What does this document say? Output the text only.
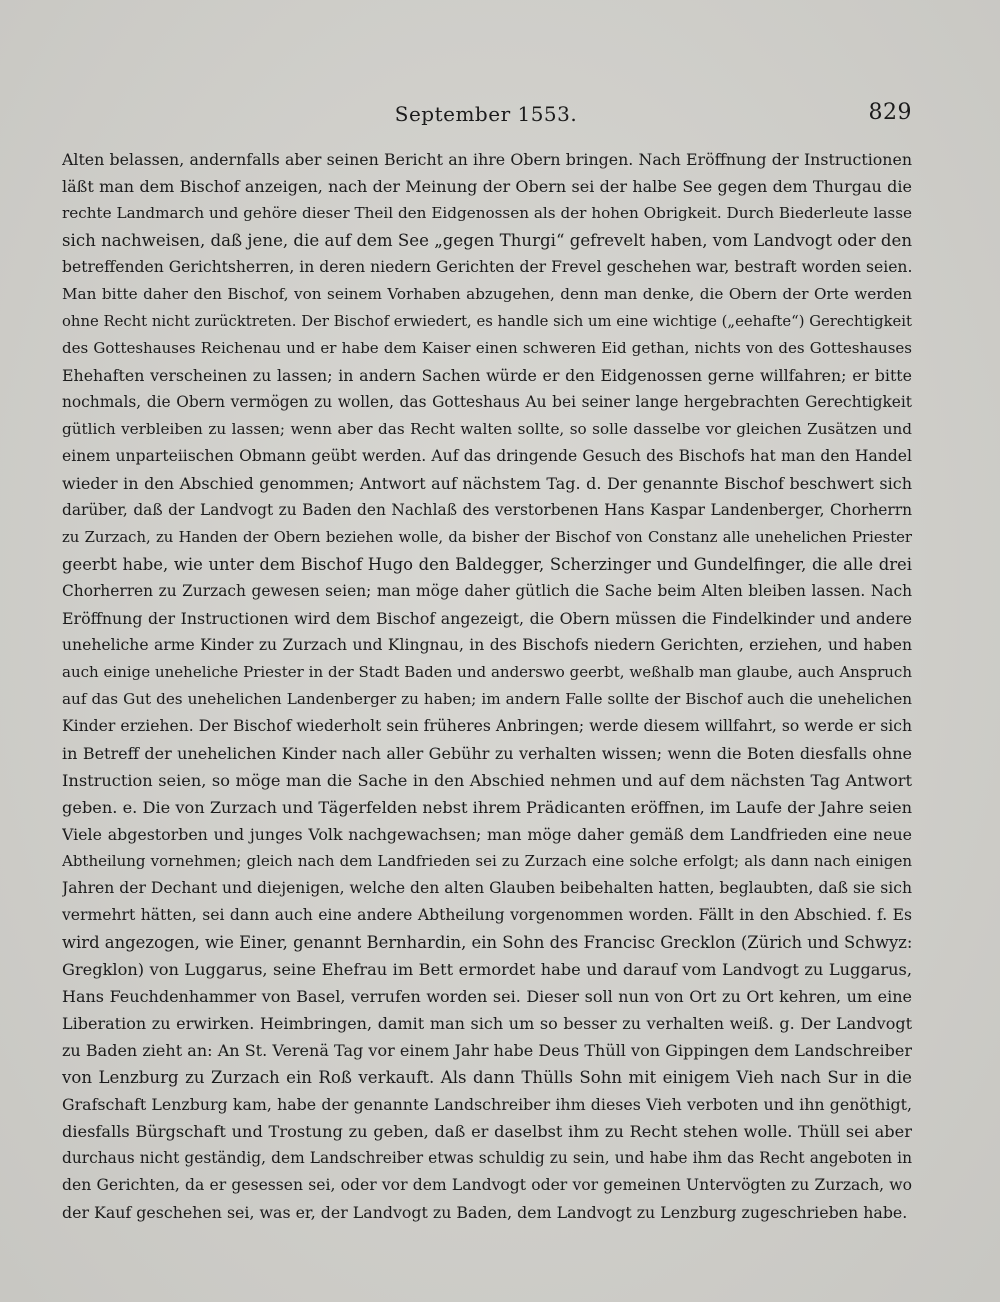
September 1553.	829
Alten belassen, andernfalls aber seinen Bericht an ihre Obern bringen. Nach Eröffnung der Instructionen
läßt man dem Bischof anzeigen, nach der Meinung der Obern sei der halbe See gegen dem Thurgau die
rechte Landmarch und gehöre dieser Theil den Eidgenossen als der hohen Obrigkeit. Durch Biederleute lasse
sich nachweisen, daß jene, die auf dem See „gegen Thurgi“ gefrevelt haben, vom Landvogt oder den
betreffenden Gerichtsherren, in deren niedern Gerichten der Frevel geschehen war, bestraft worden seien.
Man bitte daher den Bischof, von seinem Vorhaben abzugehen, denn man denke, die Obern der Orte werden
ohne Recht nicht zurücktreten. Der Bischof erwiedert, es handle sich um eine wichtige („eehafte“) Gerechtigkeit
des Gotteshauses Reichenau und er habe dem Kaiser einen schweren Eid gethan, nichts von des Gotteshauses
Ehehaften verscheinen zu lassen; in andern Sachen würde er den Eidgenossen gerne willfahren; er bitte
nochmals, die Obern vermögen zu wollen, das Gotteshaus Au bei seiner lange hergebrachten Gerechtigkeit
gütlich verbleiben zu lassen; wenn aber das Recht walten sollte, so solle dasselbe vor gleichen Zusätzen und
einem unparteiischen Obmann geübt werden. Auf das dringende Gesuch des Bischofs hat man den Handel
wieder in den Abschied genommen; Antwort auf nächstem Tag. d. Der genannte Bischof beschwert sich
darüber, daß der Landvogt zu Baden den Nachlaß des verstorbenen Hans Kaspar Landenberger, Chorherrn
zu Zurzach, zu Handen der Obern beziehen wolle, da bisher der Bischof von Constanz alle unehelichen Priester
geerbt habe, wie unter dem Bischof Hugo den Baldegger, Scherzinger und Gundelfinger, die alle drei
Chorherren zu Zurzach gewesen seien; man möge daher gütlich die Sache beim Alten bleiben lassen. Nach
Eröffnung der Instructionen wird dem Bischof angezeigt, die Obern müssen die Findelkinder und andere
uneheliche arme Kinder zu Zurzach und Klingnau, in des Bischofs niedern Gerichten, erziehen, und haben
auch einige uneheliche Priester in der Stadt Baden und anderswo geerbt, weßhalb man glaube, auch Anspruch
auf das Gut des unehelichen Landenberger zu haben; im andern Falle sollte der Bischof auch die unehelichen
Kinder erziehen. Der Bischof wiederholt sein früheres Anbringen; werde diesem willfahrt, so werde er sich
in Betreff der unehelichen Kinder nach aller Gebühr zu verhalten wissen; wenn die Boten diesfalls ohne
Instruction seien, so möge man die Sache in den Abschied nehmen und auf dem nächsten Tag Antwort
geben. e. Die von Zurzach und Tägerfelden nebst ihrem Prädicanten eröffnen, im Laufe der Jahre seien
Viele abgestorben und junges Volk nachgewachsen; man möge daher gemäß dem Landfrieden eine neue
Abtheilung vornehmen; gleich nach dem Landfrieden sei zu Zurzach eine solche erfolgt; als dann nach einigen
Jahren der Dechant und diejenigen, welche den alten Glauben beibehalten hatten, beglaubten, daß sie sich
vermehrt hätten, sei dann auch eine andere Abtheilung vorgenommen worden. Fällt in den Abschied. f. Es
wird angezogen, wie Einer, genannt Bernhardin, ein Sohn des Francisc Grecklon (Zürich und Schwyz:
Gregklon) von Luggarus, seine Ehefrau im Bett ermordet habe und darauf vom Landvogt zu Luggarus,
Hans Feuchdenhammer von Basel, verrufen worden sei. Dieser soll nun von Ort zu Ort kehren, um eine
Liberation zu erwirken. Heimbringen, damit man sich um so besser zu verhalten weiß. g. Der Landvogt
zu Baden zieht an: An St. Verenä Tag vor einem Jahr habe Deus Thüll von Gippingen dem Landschreiber
von Lenzburg zu Zurzach ein Roß verkauft. Als dann Thülls Sohn mit einigem Vieh nach Sur in die
Grafschaft Lenzburg kam, habe der genannte Landschreiber ihm dieses Vieh verboten und ihn genöthigt,
diesfalls Bürgschaft und Trostung zu geben, daß er daselbst ihm zu Recht stehen wolle. Thüll sei aber
durchaus nicht geständig, dem Landschreiber etwas schuldig zu sein, und habe ihm das Recht angeboten in
den Gerichten, da er gesessen sei, oder vor dem Landvogt oder vor gemeinen Untervögten zu Zurzach, wo
der Kauf geschehen sei, was er, der Landvogt zu Baden, dem Landvogt zu Lenzburg zugeschrieben habe.
